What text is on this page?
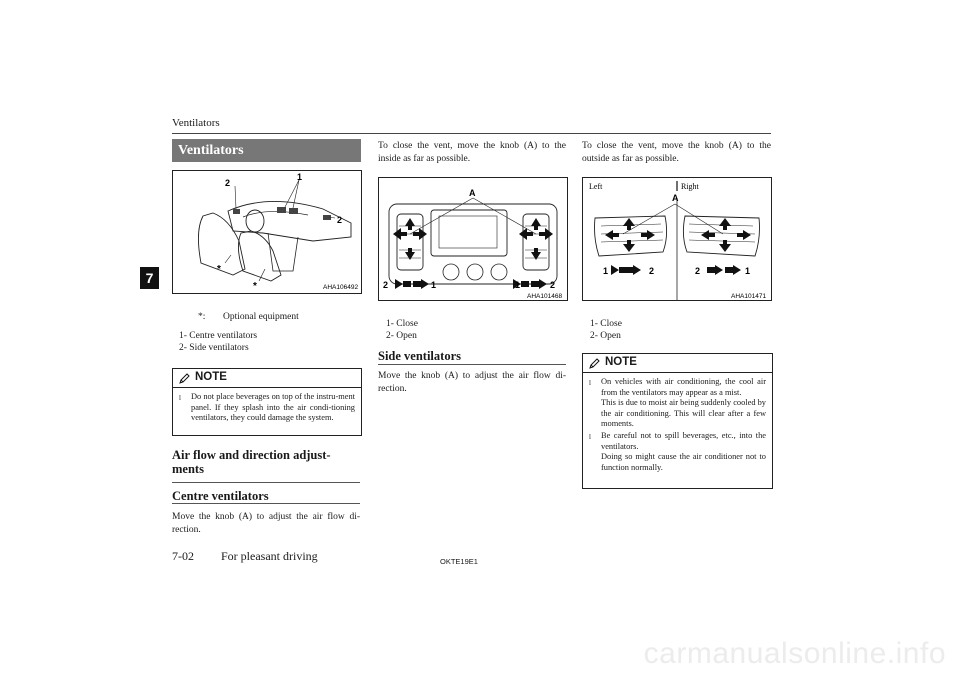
Ventilators
7
Ventilators
1
2
2
*
*	AHA106492
*: Optional equipment
1- Centre ventilators
2- Side ventilators
NOTE
l	Do not place beverages on top of the instru-ment panel. If they splash into the air condi-tioning ventilators, they could damage the system.
Air flow and direction adjust-ments
Centre ventilators
Move the knob (A) to adjust the air flow di-rection.
To close the vent, move the knob (A) to the inside as far as possible.
A
2	1	1	2
AHA101468
1- Close
2- Open
Side ventilators
Move the knob (A) to adjust the air flow di-rection.
To close the vent, move the knob (A) to the outside as far as possible.
Left	Right
A
1	2	2	1
AHA101471
1- Close
2- Open
NOTE
l	On vehicles with air conditioning, the cool air from the ventilators may appear as a mist.
This is due to moist air being suddenly cooled by the air conditioning. This will clear after a few moments.
l	Be careful not to spill beverages, etc., into the ventilators.
Doing so might cause the air conditioner not to function normally.
7-02 For pleasant driving	OKTE19E1
carmanualsonline.info
